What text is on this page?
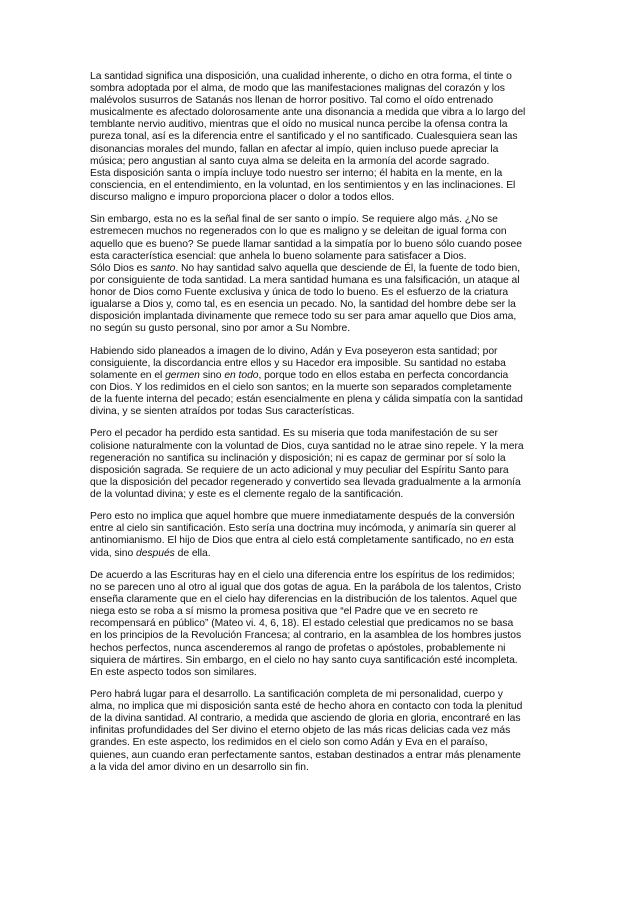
La santidad significa una disposición, una cualidad inherente, o dicho en otra forma, el tinte o
sombra adoptada por el alma, de modo que las manifestaciones malignas del corazón y los
malévolos susurros de Satanás nos llenan de horror positivo. Tal como el oído entrenado
musicalmente es afectado dolorosamente ante una disonancia a medida que vibra a lo largo del
temblante nervio auditivo, mientras que el oído no musical nunca percibe la ofensa contra la
pureza tonal, así es la diferencia entre el santificado y el no santificado. Cualesquiera sean las
disonancias morales del mundo, fallan en afectar al impío, quien incluso puede apreciar la
música; pero angustian al santo cuya alma se deleita en la armonía del acorde sagrado.
Esta disposición santa o impía incluye todo nuestro ser interno; él habita en la mente, en la
consciencia, en el entendimiento, en la voluntad, en los sentimientos y en las inclinaciones. El
discurso maligno e impuro proporciona placer o dolor a todos ellos.
Sin embargo, esta no es la señal final de ser santo o impío. Se requiere algo más. ¿No se
estremecen muchos no regenerados con lo que es maligno y se deleitan de igual forma con
aquello que es bueno? Se puede llamar santidad a la simpatía por lo bueno sólo cuando posee
esta característica esencial: que anhela lo bueno solamente para satisfacer a Dios.
Sólo Dios es santo. No hay santidad salvo aquella que desciende de Él, la fuente de todo bien,
por consiguiente de toda santidad. La mera santidad humana es una falsificación, un ataque al
honor de Dios como Fuente exclusiva y única de todo lo bueno. Es el esfuerzo de la criatura
igualarse a Dios y, como tal, es en esencia un pecado. No, la santidad del hombre debe ser la
disposición implantada divinamente que remece todo su ser para amar aquello que Dios ama,
no según su gusto personal, sino por amor a Su Nombre.
Habiendo sido planeados a imagen de lo divino, Adán y Eva poseyeron esta santidad; por
consiguiente, la discordancia entre ellos y su Hacedor era imposible. Su santidad no estaba
solamente en el germen sino en todo, porque todo en ellos estaba en perfecta concordancia
con Dios. Y los redimidos en el cielo son santos; en la muerte son separados completamente
de la fuente interna del pecado; están esencialmente en plena y cálida simpatía con la santidad
divina, y se sienten atraídos por todas Sus características.
Pero el pecador ha perdido esta santidad. Es su miseria que toda manifestación de su ser
colisione naturalmente con la voluntad de Dios, cuya santidad no le atrae sino repele. Y la mera
regeneración no santifica su inclinación y disposición; ni es capaz de germinar por sí solo la
disposición sagrada. Se requiere de un acto adicional y muy peculiar del Espíritu Santo para
que la disposición del pecador regenerado y convertido sea llevada gradualmente a la armonía
de la voluntad divina; y este es el clemente regalo de la santificación.
Pero esto no implica que aquel hombre que muere inmediatamente después de la conversión
entre al cielo sin santificación. Esto sería una doctrina muy incómoda, y animaría sin querer al
antinomianismo. El hijo de Dios que entra al cielo está completamente santificado, no en esta
vida, sino después de ella.
De acuerdo a las Escrituras hay en el cielo una diferencia entre los espíritus de los redimidos;
no se parecen uno al otro al igual que dos gotas de agua. En la parábola de los talentos, Cristo
enseña claramente que en el cielo hay diferencias en la distribución de los talentos. Aquel que
niega esto se roba a sí mismo la promesa positiva que “el Padre que ve en secreto re
recompensará en público” (Mateo vi. 4, 6, 18). El estado celestial que predicamos no se basa
en los principios de la Revolución Francesa; al contrario, en la asamblea de los hombres justos
hechos perfectos, nunca ascenderemos al rango de profetas o apóstoles, probablemente ni
siquiera de mártires. Sin embargo, en el cielo no hay santo cuya santificación esté incompleta.
En este aspecto todos son similares.
Pero habrá lugar para el desarrollo. La santificación completa de mi personalidad, cuerpo y
alma, no implica que mi disposición santa esté de hecho ahora en contacto con toda la plenitud
de la divina santidad. Al contrario, a medida que asciendo de gloria en gloria, encontraré en las
infinitas profundidades del Ser divino el eterno objeto de las más ricas delicias cada vez más
grandes. En este aspecto, los redimidos en el cielo son como Adán y Eva en el paraíso,
quienes, aun cuando eran perfectamente santos, estaban destinados a entrar más plenamente
a la vida del amor divino en un desarrollo sin fin.
